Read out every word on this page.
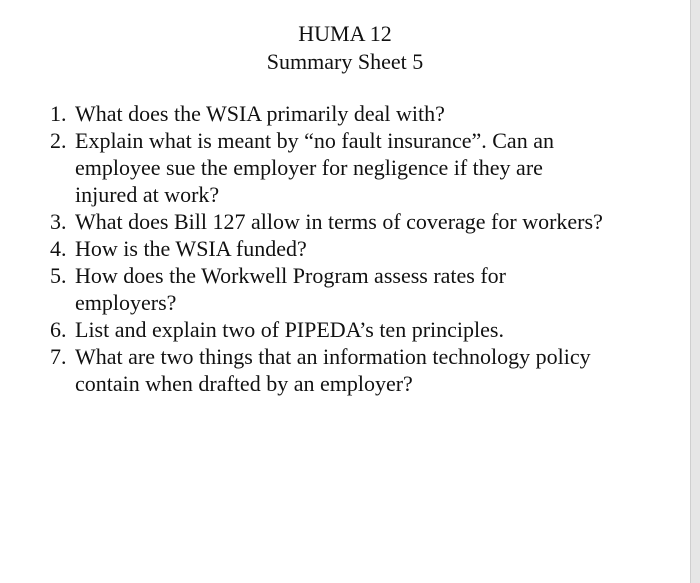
HUMA 12
Summary Sheet 5
1. What does the WSIA primarily deal with?
2. Explain what is meant by “no fault insurance”. Can an employee sue the employer for negligence if they are injured at work?
3. What does Bill 127 allow in terms of coverage for workers?
4. How is the WSIA funded?
5. How does the Workwell Program assess rates for employers?
6. List and explain two of PIPEDA’s ten principles.
7. What are two things that an information technology policy contain when drafted by an employer?
